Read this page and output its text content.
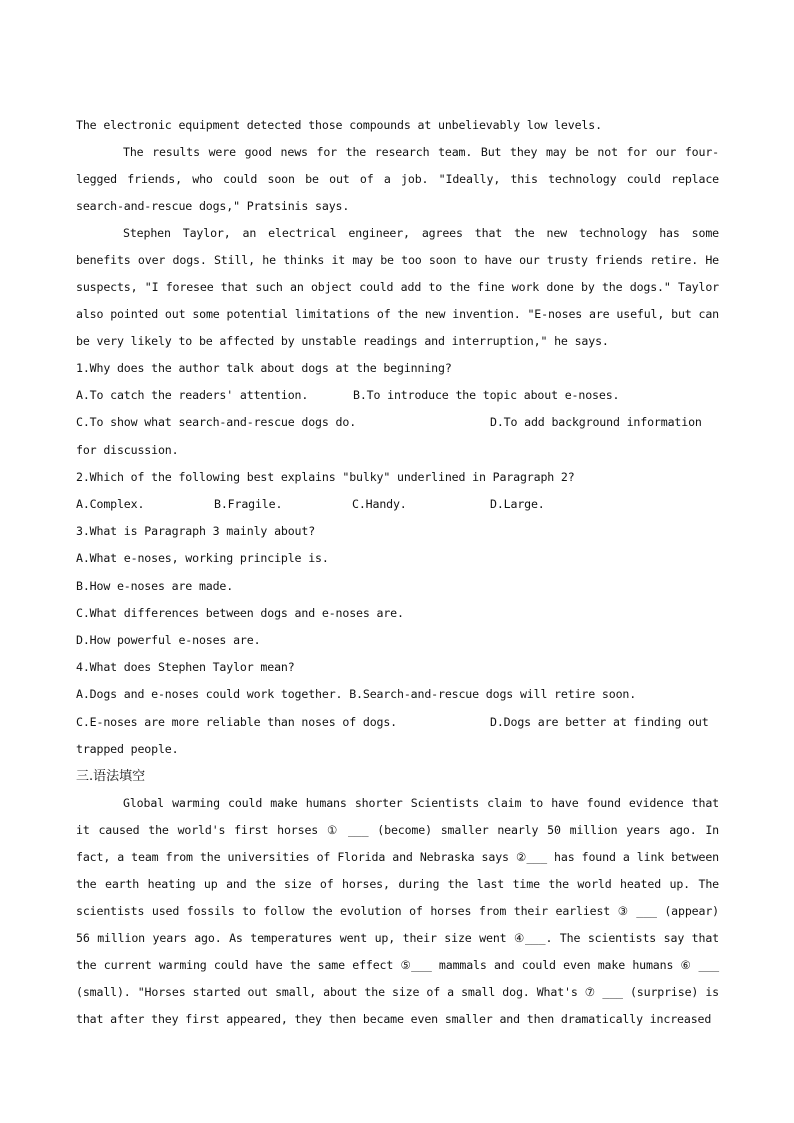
The electronic equipment detected those compounds at unbelievably low levels.

The results were good news for the research team. But they may be not for our four-legged friends, who could soon be out of a job. "Ideally, this technology could replace search-and-rescue dogs," Pratsinis says.

Stephen Taylor, an electrical engineer, agrees that the new technology has some benefits over dogs. Still, he thinks it may be too soon to have our trusty friends retire. He suspects, "I foresee that such an object could add to the fine work done by the dogs." Taylor also pointed out some potential limitations of the new invention. "E-noses are useful, but can be very likely to be affected by unstable readings and interruption," he says.

1.Why does the author talk about dogs at the beginning?

A.To catch the readers' attention.	B.To introduce the topic about e-noses.
C.To show what search-and-rescue dogs do.	D.To add background information

for discussion.

2.Which of the following best explains "bulky" underlined in Paragraph 2?

A.Complex.	B.Fragile.	C.Handy.	D.Large.

3.What is Paragraph 3 mainly about?

A.What e-noses, working principle is.

B.How e-noses are made.

C.What differences between dogs and e-noses are.

D.How powerful e-noses are.

4.What does Stephen Taylor mean?

A.Dogs and e-noses could work together. B.Search-and-rescue dogs will retire soon.

C.E-noses are more reliable than noses of dogs.	D.Dogs are better at finding out

trapped people.

三.语法填空

Global warming could make humans shorter Scientists claim to have found evidence that it caused the world's first horses ① ___ (become) smaller nearly 50 million years ago. In fact, a team from the universities of Florida and Nebraska says ②___ has found a link between the earth heating up and the size of horses, during the last time the world heated up. The scientists used fossils to follow the evolution of horses from their earliest ③ ___ (appear) 56 million years ago. As temperatures went up, their size went ④___. The scientists say that the current warming could have the same effect ⑤___ mammals and could even make humans ⑥ ___ (small). "Horses started out small, about the size of a small dog. What's ⑦ ___ (surprise) is that after they first appeared, they then became even smaller and then dramatically increased
